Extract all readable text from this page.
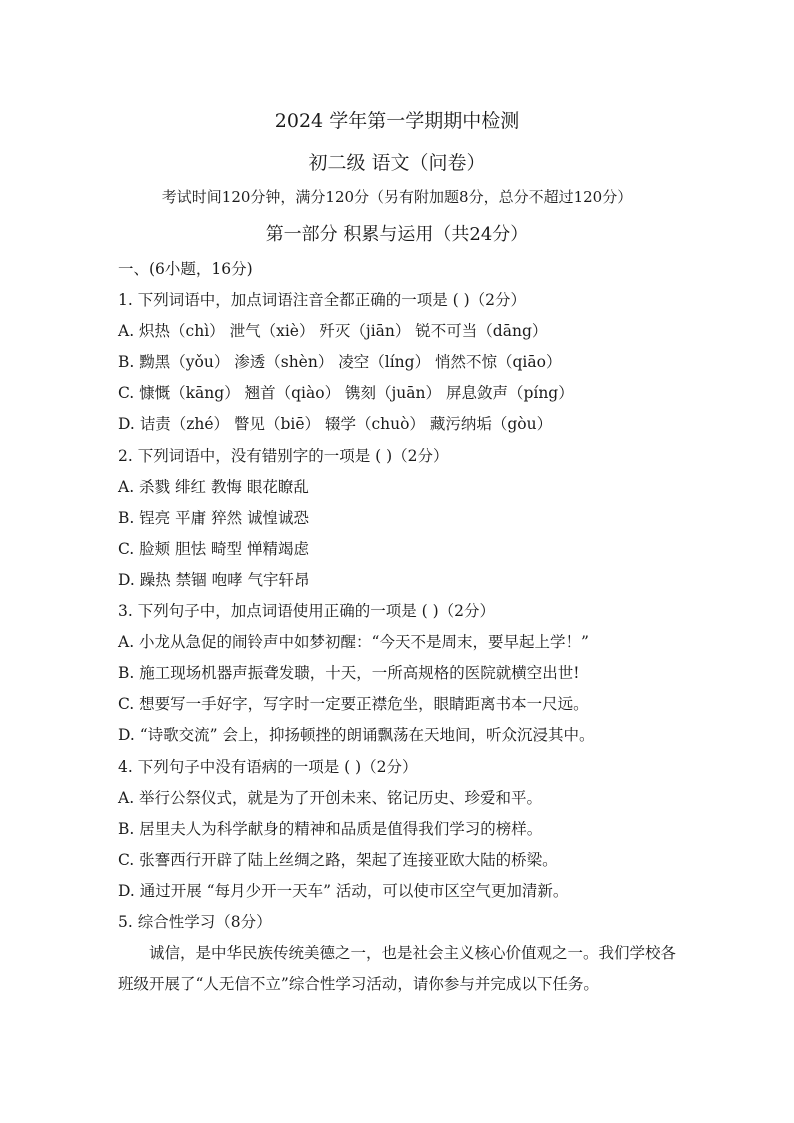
2024 学年第一学期期中检测
初二级 语文（问卷）
考试时间120分钟，满分120分（另有附加题8分，总分不超过120分）
第一部分 积累与运用（共24分）
一、(6小题，16分)
1. 下列词语中，加点词语注音全都正确的一项是 ( )（2分）
A. 炽热（chì） 泄气（xiè） 歼灭（jiān） 锐不可当（dāng）
B. 黝黑（yǒu） 渗透（shèn） 凌空（líng） 悄然不惊（qiāo）
C. 慷慨（kāng） 翘首（qiào） 镌刻（juān） 屏息敛声（píng）
D. 诘责（zhé） 瞥见（biē） 辍学（chuò） 藏污纳垢（gòu）
2. 下列词语中，没有错别字的一项是 ( )（2分）
A. 杀戮 绯红 教悔 眼花瞭乱
B. 锃亮 平庸 猝然 诚惶诚恐
C. 脸颊 胆怯 畸型 惮精竭虑
D. 躁热 禁锢 咆哮 气宇轩昂
3. 下列句子中，加点词语使用正确的一项是 ( )（2分）
A. 小龙从急促的闹铃声中如梦初醒：“今天不是周末，要早起上学！”
B. 施工现场机器声振聋发聩，十天，一所高规格的医院就横空出世!
C. 想要写一手好字，写字时一定要正襟危坐，眼睛距离书本一尺远。
D. “诗歌交流” 会上，抑扬顿挫的朗诵飘荡在天地间，听众沉浸其中。
4. 下列句子中没有语病的一项是 ( )（2分）
A. 举行公祭仪式，就是为了开创未来、铭记历史、珍爱和平。
B. 居里夫人为科学献身的精神和品质是值得我们学习的榜样。
C. 张謇西行开辟了陆上丝绸之路，架起了连接亚欧大陆的桥梁。
D. 通过开展 “每月少开一天车” 活动，可以使市区空气更加清新。
5. 综合性学习（8分）

诚信，是中华民族传统美德之一，也是社会主义核心价值观之一。我们学校各班级开展了“人无信不立”综合性学习活动，请你参与并完成以下任务。
